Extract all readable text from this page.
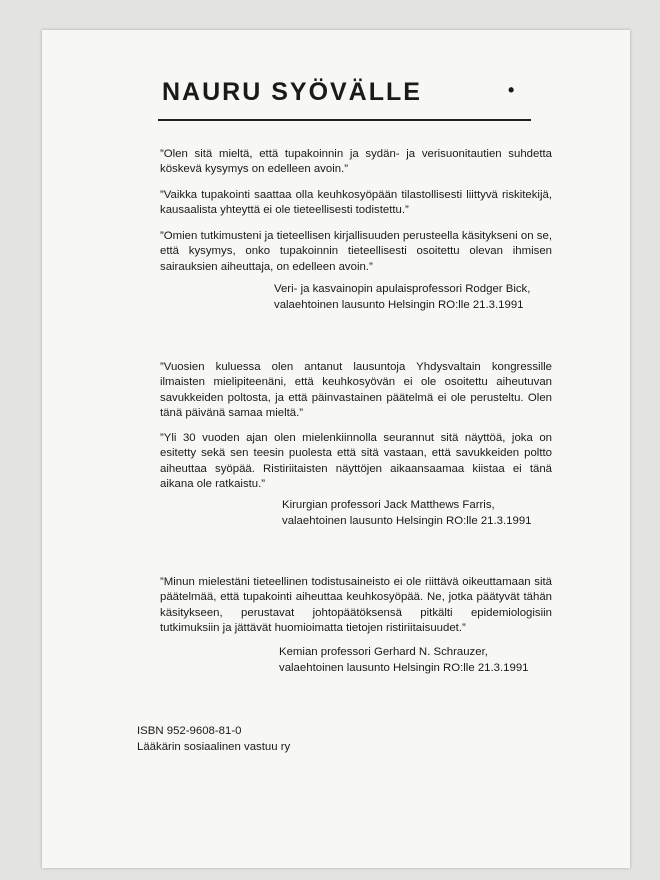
NAURU SYÖVÄLLE	•

”Olen sitä mieltä, että tupakoinnin ja sydän- ja verisuonitautien suhdetta köskevä kysymys on edelleen avoin.”

”Vaikka tupakointi saattaa olla keuhkosyöpään tilastollisesti liittyvä riskitekijä, kausaalista yhteyttä ei ole tieteellisesti todistettu.”

”Omien tutkimusteni ja tieteellisen kirjallisuuden perusteella käsitykseni on se, että kysymys, onko tupakoinnin tieteellisesti osoitettu olevan ihmisen sairauksien aiheuttaja, on edelleen avoin.”

Veri- ja kasvainopin apulaisprofessori Rodger Bick,
valaehtoinen lausunto Helsingin RO:lle 21.3.1991

”Vuosien kuluessa olen antanut lausuntoja Yhdysvaltain kongressille ilmaisten mielipiteenäni, että keuhkosyövän ei ole osoitettu aiheutuvan savukkeiden poltosta, ja että päinvastainen päätelmä ei ole perusteltu. Olen tänä päivänä samaa mieltä.”

”Yli 30 vuoden ajan olen mielenkiinnolla seurannut sitä näyttöä, joka on esitetty sekä sen teesin puolesta että sitä vastaan, että savukkeiden poltto aiheuttaa syöpää. Ristiriitaisten näyttöjen aikaansaamaa kiistaa ei tänä aikana ole ratkaistu.”

Kirurgian professori Jack Matthews Farris,
valaehtoinen lausunto Helsingin RO:lle 21.3.1991

”Minun mielestäni tieteellinen todistusaineisto ei ole riittävä oikeuttamaan sitä päätelmää, että tupakointi aiheuttaa keuhkosyöpää. Ne, jotka päätyvät tähän käsitykseen, perustavat johtopäätöksensä pitkälti epidemiologisiin tutkimuksiin ja jättävät huomioimatta tietojen ristiriitaisuudet.”

Kemian professori Gerhard N. Schrauzer,
valaehtoinen lausunto Helsingin RO:lle 21.3.1991
ISBN 952-9608-81-0
Lääkärin sosiaalinen vastuu ry
